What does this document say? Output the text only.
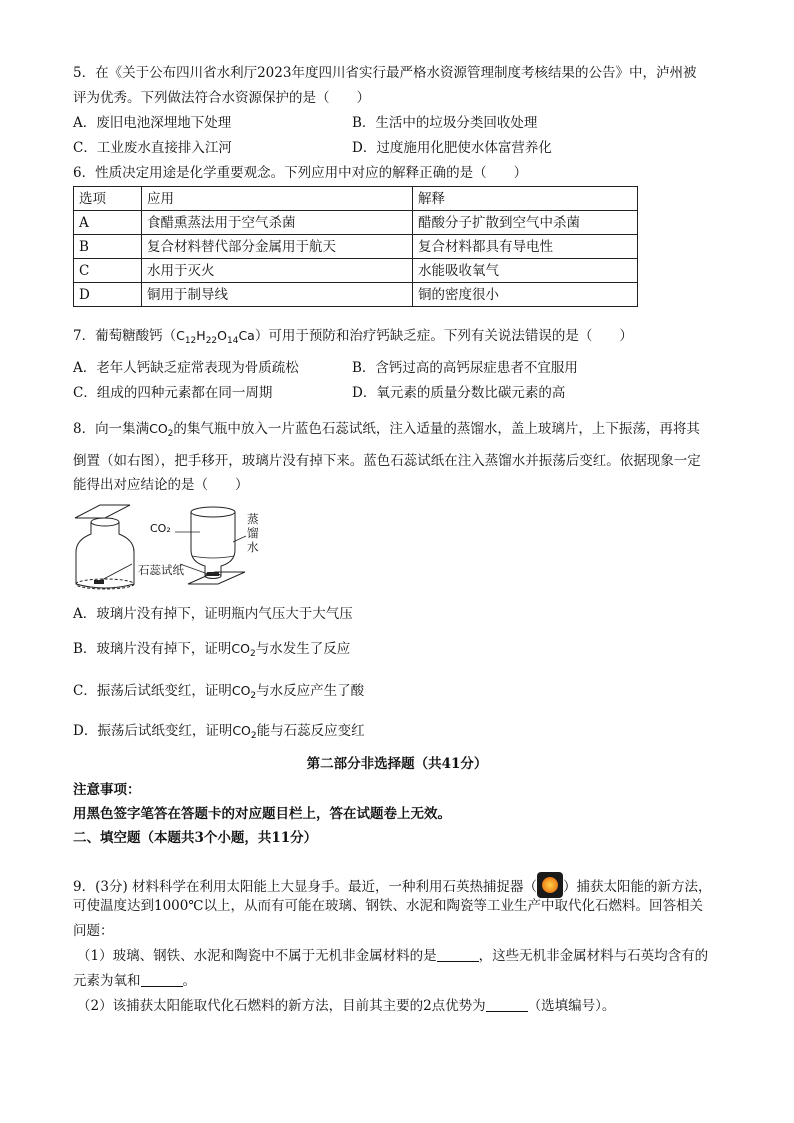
5．在《关于公布四川省水利厅2023年度四川省实行最严格水资源管理制度考核结果的公告》中，泸州被
评为优秀。下列做法符合水资源保护的是（　　）
A．废旧电池深埋地下处理	B．生活中的垃圾分类回收处理
C．工业废水直接排入江河	D．过度施用化肥使水体富营养化
6．性质决定用途是化学重要观念。下列应用中对应的解释正确的是（　　）
选项	应用	解释
A	食醋熏蒸法用于空气杀菌	醋酸分子扩散到空气中杀菌
B	复合材料替代部分金属用于航天	复合材料都具有导电性
C	水用于灭火	水能吸收氧气
D	铜用于制导线	铜的密度很小
7．葡萄糖酸钙$(C_{12}H_{22}O_{14}Ca)$可用于预防和治疗钙缺乏症。下列有关说法错误的是（　　）
A．老年人钙缺乏症常表现为骨质疏松	B．含钙过高的高钙尿症患者不宜服用
C．组成的四种元素都在同一周期	D．氧元素的质量分数比碳元素的高
8．向一集满$CO_2$的集气瓶中放入一片蓝色石蕊试纸，注入适量的蒸馏水，盖上玻璃片，上下振荡，再将其
倒置（如右图），把手移开，玻璃片没有掉下来。蓝色石蕊试纸在注入蒸馏水并振荡后变红。依据现象一定
能得出对应结论的是（　　）
CO₂
石蕊试纸
蒸
馏
水
A．玻璃片没有掉下，证明瓶内气压大于大气压
B．玻璃片没有掉下，证明$CO_2$与水发生了反应
C．振荡后试纸变红，证明$CO_2$与水反应产生了酸
D．振荡后试纸变红，证明$CO_2$能与石蕊反应变红
第二部分非选择题（共41分）
注意事项：
用黑色签字笔答在答题卡的对应题目栏上，答在试题卷上无效。
二、填空题（本题共3个小题，共11分）
9．(3分) 材料科学在利用太阳能上大显身手。最近，一种利用石英热捕捉器（ ）捕获太阳能的新方法，
可使温度达到1000℃以上，从而有可能在玻璃、钢铁、水泥和陶瓷等工业生产中取代化石燃料。回答相关
问题：
（1）玻璃、钢铁、水泥和陶瓷中不属于无机非金属材料的是	，这些无机非金属材料与石英均含有的
元素为氧和	。
（2）该捕获太阳能取代化石燃料的新方法，目前其主要的2点优势为	（选填编号）。
